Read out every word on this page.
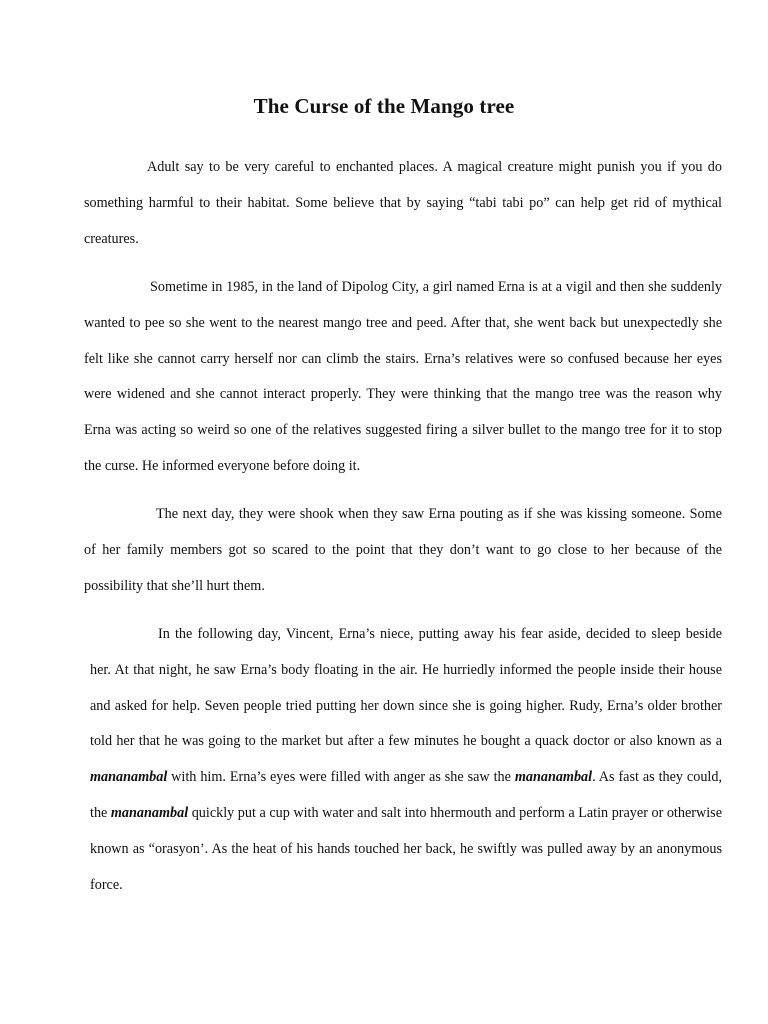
The Curse of the Mango tree

Adult say to be very careful to enchanted places. A magical creature might punish you if you do something harmful to their habitat. Some believe that by saying “tabi tabi po” can help get rid of mythical creatures.

Sometime in 1985, in the land of Dipolog City, a girl named Erna is at a vigil and then she suddenly wanted to pee so she went to the nearest mango tree and peed. After that, she went back but unexpectedly she felt like she cannot carry herself nor can climb the stairs. Erna’s relatives were so confused because her eyes were widened and she cannot interact properly. They were thinking that the mango tree was the reason why Erna was acting so weird so one of the relatives suggested firing a silver bullet to the mango tree for it to stop the curse. He informed everyone before doing it.

The next day, they were shook when they saw Erna pouting as if she was kissing someone. Some of her family members got so scared to the point that they don’t want to go close to her because of the possibility that she’ll hurt them.

In the following day, Vincent, Erna’s niece, putting away his fear aside, decided to sleep beside her. At that night, he saw Erna’s body floating in the air. He hurriedly informed the people inside their house and asked for help. Seven people tried putting her down since she is going higher. Rudy, Erna’s older brother told her that he was going to the market but after a few minutes he bought a quack doctor or also known as a mananambal with him. Erna’s eyes were filled with anger as she saw the mananambal. As fast as they could, the mananambal quickly put a cup with water and salt into hhermouth and perform a Latin prayer or otherwise known as “orasyon’. As the heat of his hands touched her back, he swiftly was pulled away by an anonymous force.
